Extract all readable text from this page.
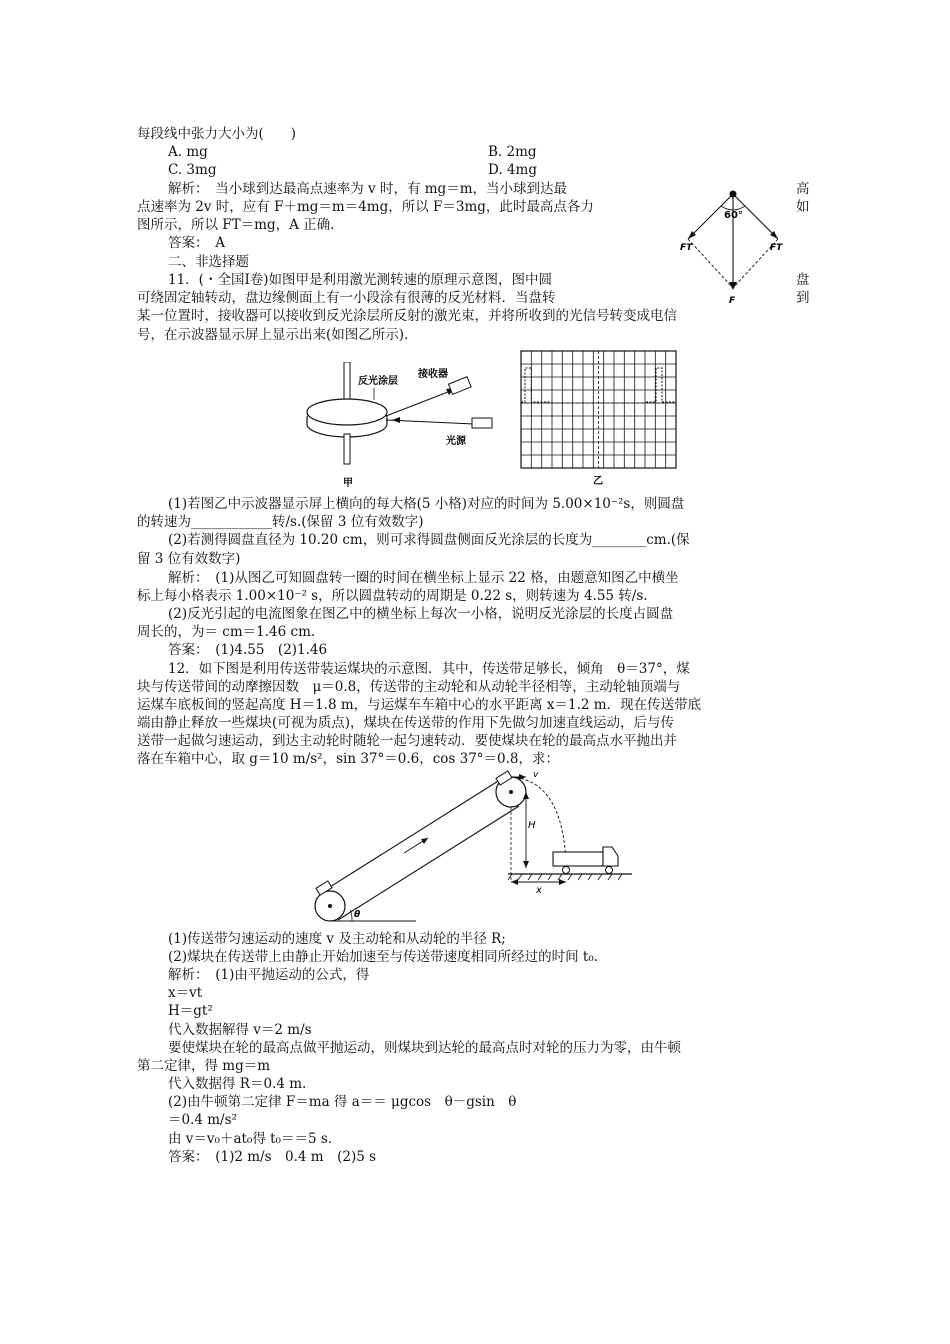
每段线中张力大小为(　　)
A. mg	B. 2mg
C. 3mg	D. 4mg
解析：　当小球到达最高点速率为 v 时，有 mg＝m，当小球到达最	高
点速率为 2v 时，应有 F＋mg＝m＝4mg，所以 F＝3mg，此时最高点各力	如
图所示，所以 FT＝mg，A 正确.
答案：　A
60°
FT	FT
F
二、非选择题
11．(・全国Ⅰ卷)如图甲是利用激光测转速的原理示意图，图中圆	盘
可绕固定轴转动，盘边缘侧面上有一小段涂有很薄的反光材料．当盘转	到
某一位置时，接收器可以接收到反光涂层所反射的激光束，并将所收到的光信号转变成电信
号，在示波器显示屏上显示出来(如图乙所示).
反光涂层
接收器
光源
甲	乙
(1)若图乙中示波器显示屏上横向的每大格(5 小格)对应的时间为 5.00×10⁻²s，则圆盘
的转速为____________转/s.(保留 3 位有效数字)
(2)若测得圆盘直径为 10.20 cm，则可求得圆盘侧面反光涂层的长度为________cm.(保
留 3 位有效数字)
解析：　(1)从图乙可知圆盘转一圈的时间在横坐标上显示 22 格，由题意知图乙中横坐
标上每小格表示 1.00×10⁻² s，所以圆盘转动的周期是 0.22 s，则转速为 4.55 转/s.
(2)反光引起的电流图象在图乙中的横坐标上每次一小格，说明反光涂层的长度占圆盘
周长的，为＝ cm＝1.46 cm.
答案：　(1)4.55　(2)1.46
12．如下图是利用传送带装运煤块的示意图．其中，传送带足够长，倾角　θ＝37°，煤
块与传送带间的动摩擦因数　μ＝0.8，传送带的主动轮和从动轮半径相等，主动轮轴顶端与
运煤车底板间的竖起高度 H＝1.8 m，与运煤车车箱中心的水平距离 x＝1.2 m．现在传送带底
端由静止释放一些煤块(可视为质点)，煤块在传送带的作用下先做匀加速直线运动，后与传
送带一起做匀速运动，到达主动轮时随轮一起匀速转动．要使煤块在轮的最高点水平抛出并
落在车箱中心，取 g＝10 m/s²，sin 37°＝0.6，cos 37°＝0.8，求：
θ
v
H
x
(1)传送带匀速运动的速度 v 及主动轮和从动轮的半径 R;
(2)煤块在传送带上由静止开始加速至与传送带速度相同所经过的时间 t₀.
解析：　(1)由平抛运动的公式，得
x＝vt
H＝gt²
代入数据解得 v＝2 m/s
要使煤块在轮的最高点做平抛运动，则煤块到达轮的最高点时对轮的压力为零，由牛顿
第二定律，得 mg＝m
代入数据得 R＝0.4 m.
(2)由牛顿第二定律 F＝ma 得 a＝＝ μgcos　θ－gsin　θ
＝0.4 m/s²
由 v＝v₀＋at₀得 t₀＝＝5 s.
答案：　(1)2 m/s　0.4 m　(2)5 s
